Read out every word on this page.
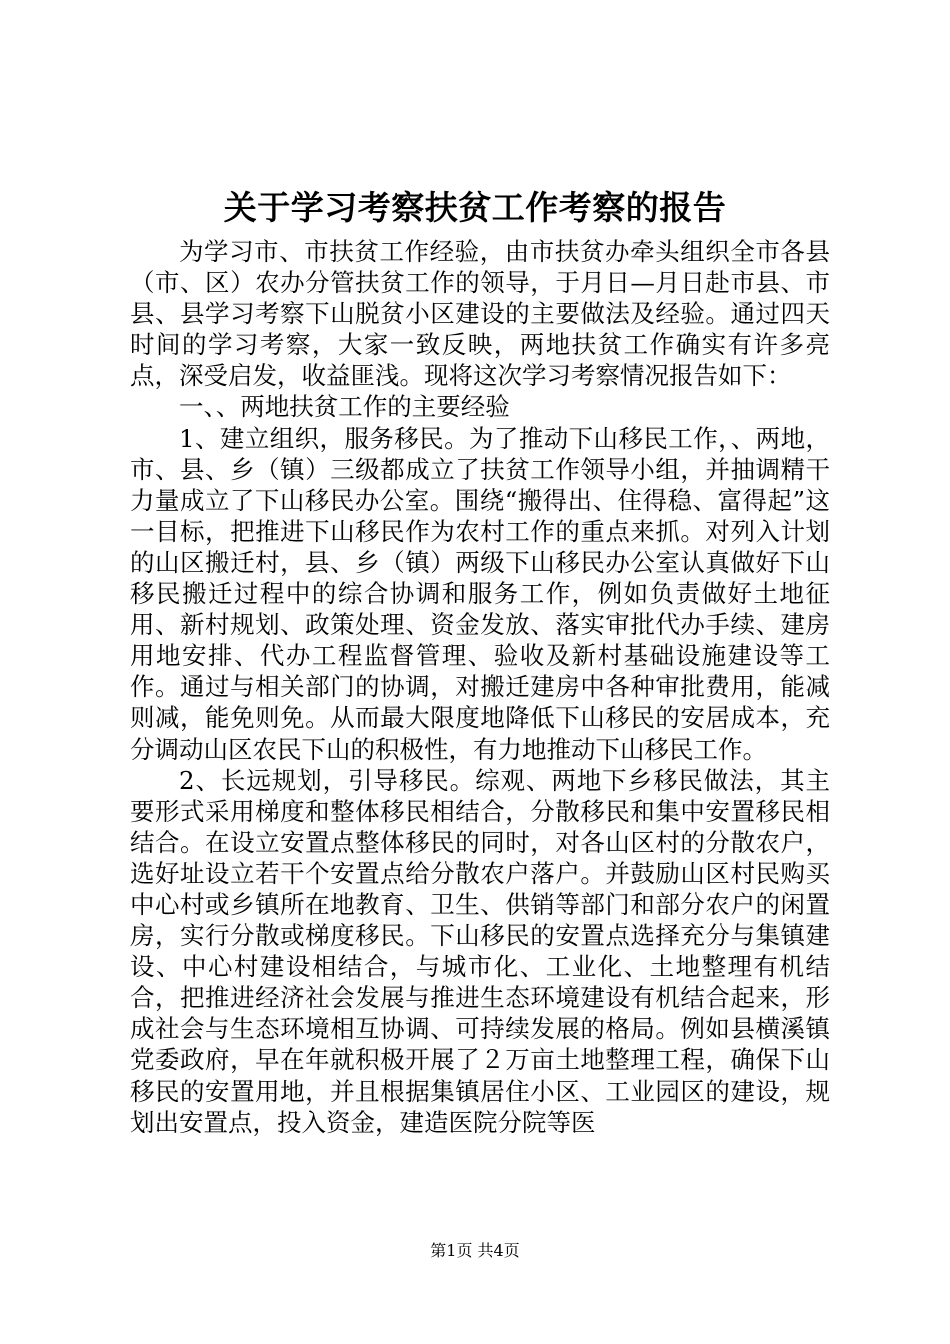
关于学习考察扶贫工作考察的报告

为学习市、市扶贫工作经验，由市扶贫办牵头组织全市各县（市、区）农办分管扶贫工作的领导，于月日—月日赴市县、市县、县学习考察下山脱贫小区建设的主要做法及经验。通过四天时间的学习考察，大家一致反映，两地扶贫工作确实有许多亮点，深受启发，收益匪浅。现将这次学习考察情况报告如下：

一、、两地扶贫工作的主要经验

1、建立组织，服务移民。为了推动下山移民工作，、两地，市、县、乡（镇）三级都成立了扶贫工作领导小组，并抽调精干力量成立了下山移民办公室。围绕“搬得出、住得稳、富得起”这一目标，把推进下山移民作为农村工作的重点来抓。对列入计划的山区搬迁村，县、乡（镇）两级下山移民办公室认真做好下山移民搬迁过程中的综合协调和服务工作，例如负责做好土地征用、新村规划、政策处理、资金发放、落实审批代办手续、建房用地安排、代办工程监督管理、验收及新村基础设施建设等工作。通过与相关部门的协调，对搬迁建房中各种审批费用，能减则减，能免则免。从而最大限度地降低下山移民的安居成本，充分调动山区农民下山的积极性，有力地推动下山移民工作。

2、长远规划，引导移民。综观、两地下乡移民做法，其主要形式采用梯度和整体移民相结合，分散移民和集中安置移民相结合。在设立安置点整体移民的同时，对各山区村的分散农户，选好址设立若干个安置点给分散农户落户。并鼓励山区村民购买中心村或乡镇所在地教育、卫生、供销等部门和部分农户的闲置房，实行分散或梯度移民。下山移民的安置点选择充分与集镇建设、中心村建设相结合，与城市化、工业化、土地整理有机结合，把推进经济社会发展与推进生态环境建设有机结合起来，形成社会与生态环境相互协调、可持续发展的格局。例如县横溪镇党委政府，早在年就积极开展了２万亩土地整理工程，确保下山移民的安置用地，并且根据集镇居住小区、工业园区的建设，规划出安置点，投入资金，建造医院分院等医

第1页 共4页
